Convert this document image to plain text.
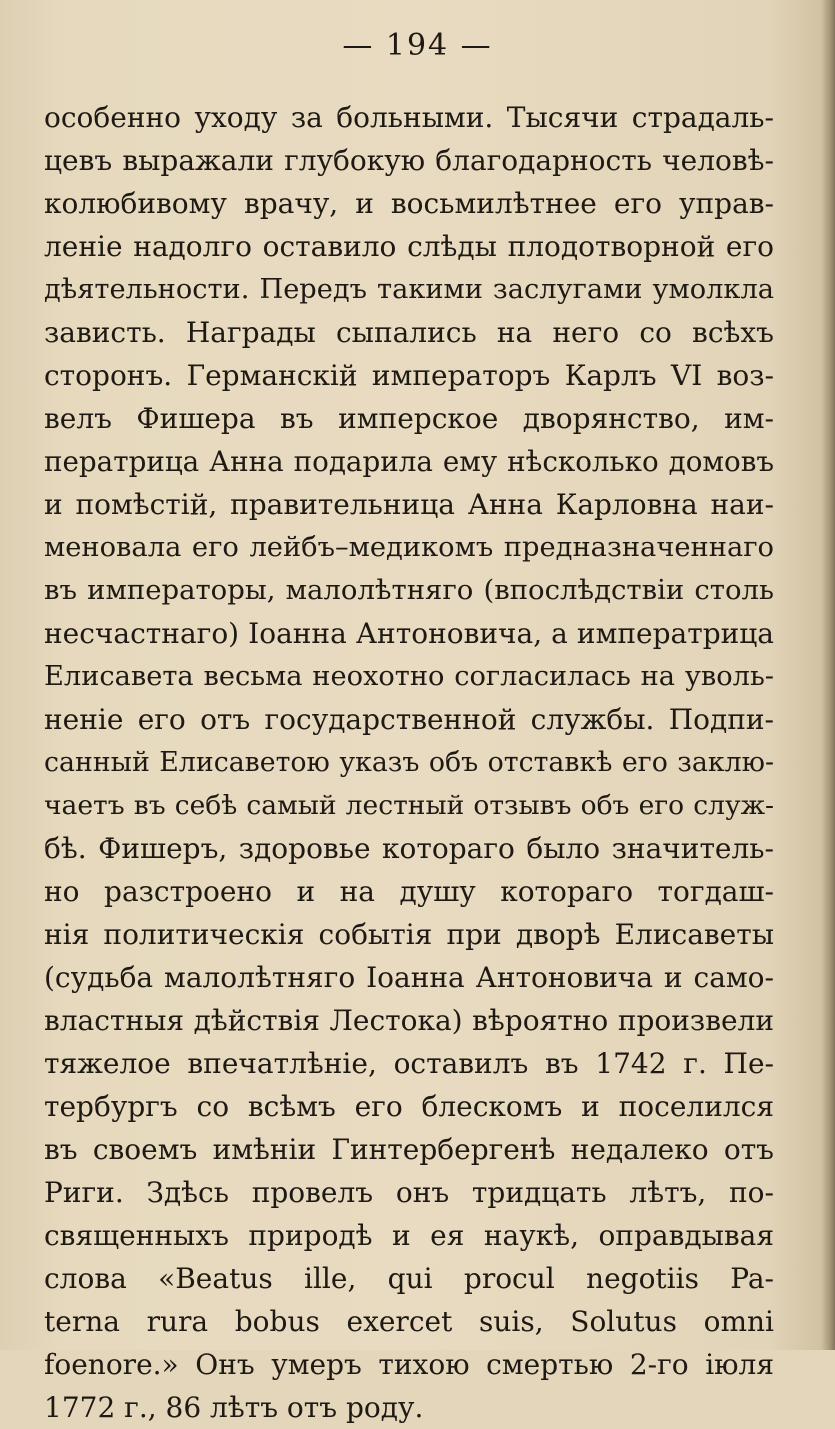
— 194 —
особенно уходу за больными. Тысячи страдаль-
цевъ выражали глубокую благодарность человѣ-
колюбивому врачу, и восьмилѣтнее его управ-
леніе надолго оставило слѣды плодотворной его
дѣятельности. Передъ такими заслугами умолкла
зависть. Награды сыпались на него со всѣхъ
сторонъ. Германскій императоръ Карлъ VI воз-
велъ Фишера въ имперское дворянство, им-
ператрица Анна подарила ему нѣсколько домовъ
и помѣстій, правительница Анна Карловна наи-
меновала его лейбъ–медикомъ предназначеннаго
въ императоры, малолѣтняго (впослѣдствіи столь
несчастнаго) Іоанна Антоновича, а императрица
Елисавета весьма неохотно согласилась на уволь-
неніе его отъ государственной службы. Подпи-
санный Елисаветою указъ объ отставкѣ его заклю-
чаетъ въ себѣ самый лестный отзывъ объ его служ-
бѣ. Фишеръ, здоровье котораго было значитель-
но разстроено и на душу котораго тогдаш-
нія политическія событія при дворѣ Елисаветы
(судьба малолѣтняго Іоанна Антоновича и само-
властныя дѣйствія Лестока) вѣроятно произвели
тяжелое впечатлѣніе, оставилъ въ 1742 г. Пе-
тербургъ со всѣмъ его блескомъ и поселился
въ своемъ имѣніи Гинтербергенѣ недалеко отъ
Риги. Здѣсь провелъ онъ тридцать лѣтъ, по-
священныхъ природѣ и ея наукѣ, оправдывая
слова «Beatus ille, qui procul negotiis Pa-
terna rura bobus exercet suis, Solutus omni
foenore.» Онъ умеръ тихою смертью 2-го іюля
1772 г., 86 лѣтъ отъ роду.
